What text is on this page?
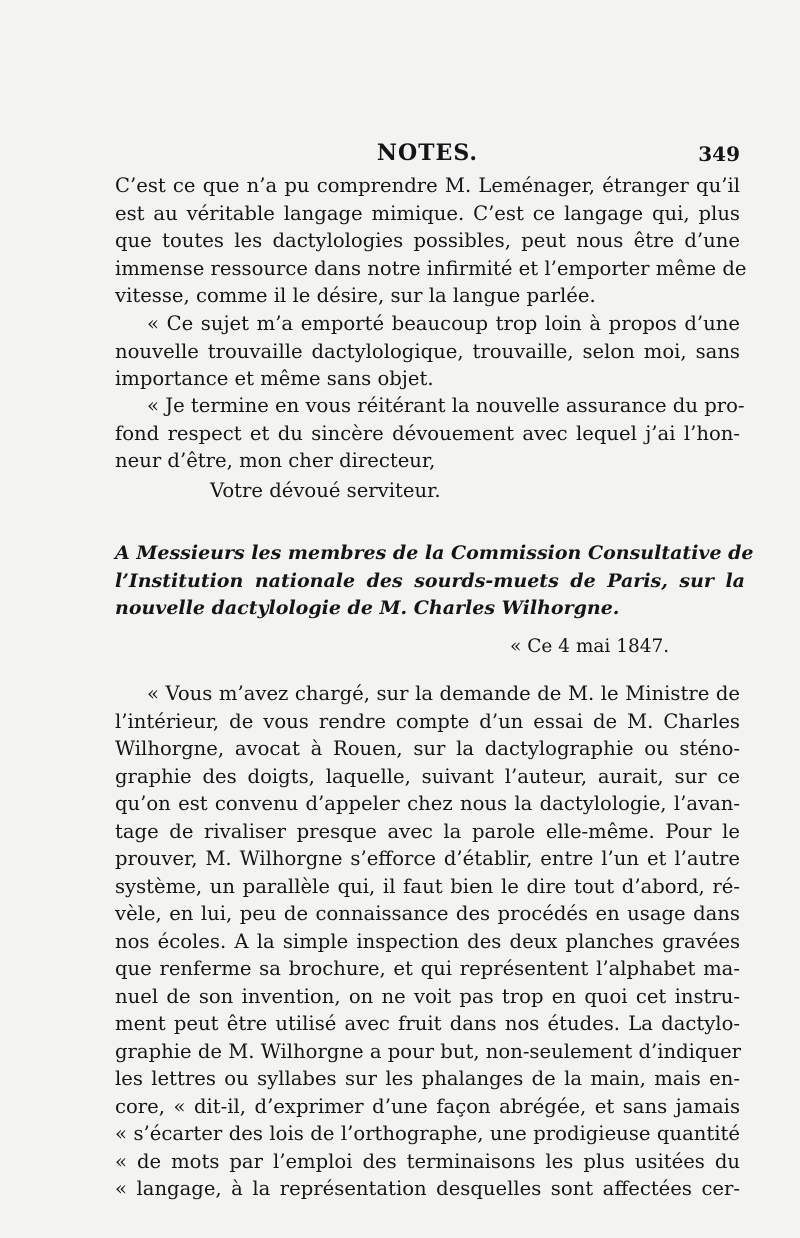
NOTES.	349
C’est ce que n’a pu comprendre M. Leménager, étranger qu’il
est au véritable langage mimique. C’est ce langage qui, plus
que toutes les dactylologies possibles, peut nous être d’une
immense ressource dans notre infirmité et l’emporter même de
vitesse, comme il le désire, sur la langue parlée.
« Ce sujet m’a emporté beaucoup trop loin à propos d’une
nouvelle trouvaille dactylologique, trouvaille, selon moi, sans
importance et même sans objet.
« Je termine en vous réitérant la nouvelle assurance du pro-
fond respect et du sincère dévouement avec lequel j’ai l’hon-
neur d’être, mon cher directeur,
Votre dévoué serviteur.
A Messieurs les membres de la Commission Consultative de
l’Institution nationale des sourds-muets de Paris, sur la
nouvelle dactylologie de M. Charles Wilhorgne.
« Ce 4 mai 1847.
« Vous m’avez chargé, sur la demande de M. le Ministre de
l’intérieur, de vous rendre compte d’un essai de M. Charles
Wilhorgne, avocat à Rouen, sur la dactylographie ou sténo-
graphie des doigts, laquelle, suivant l’auteur, aurait, sur ce
qu’on est convenu d’appeler chez nous la dactylologie, l’avan-
tage de rivaliser presque avec la parole elle-même. Pour le
prouver, M. Wilhorgne s’efforce d’établir, entre l’un et l’autre
système, un parallèle qui, il faut bien le dire tout d’abord, ré-
vèle, en lui, peu de connaissance des procédés en usage dans
nos écoles. A la simple inspection des deux planches gravées
que renferme sa brochure, et qui représentent l’alphabet ma-
nuel de son invention, on ne voit pas trop en quoi cet instru-
ment peut être utilisé avec fruit dans nos études. La dactylo-
graphie de M. Wilhorgne a pour but, non-seulement d’indiquer
les lettres ou syllabes sur les phalanges de la main, mais en-
core, « dit-il, d’exprimer d’une façon abrégée, et sans jamais
« s’écarter des lois de l’orthographe, une prodigieuse quantité
« de mots par l’emploi des terminaisons les plus usitées du
« langage, à la représentation desquelles sont affectées cer-
